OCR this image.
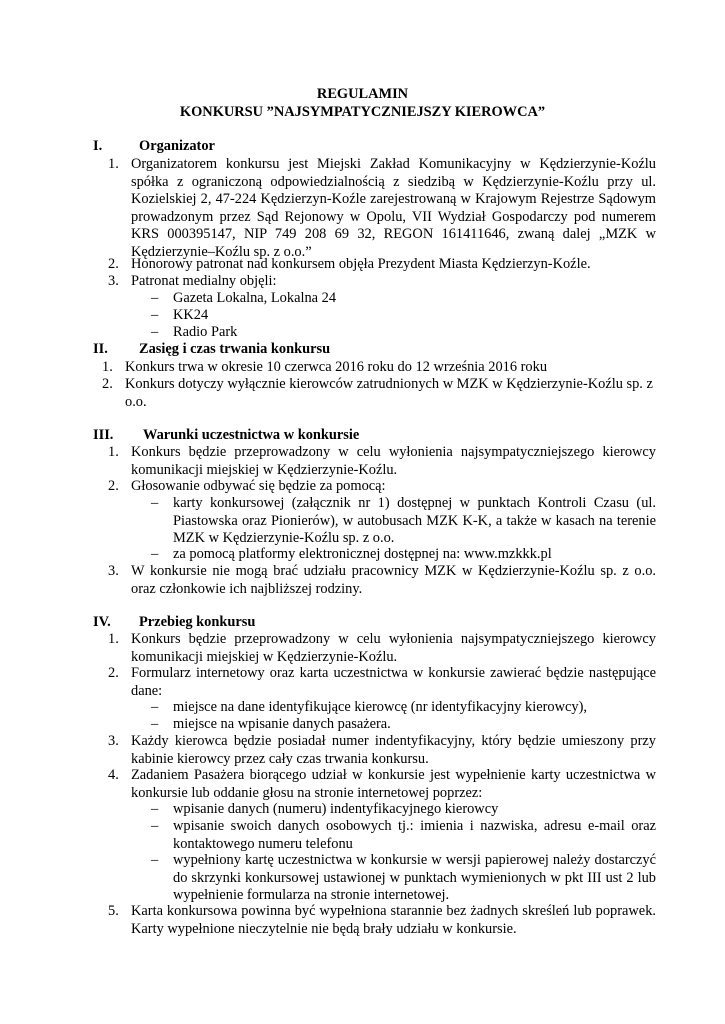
REGULAMIN
KONKURSU ”NAJSYMPATYCZNIEJSZY KIEROWCA”
I.	Organizator
1. Organizatorem konkursu jest Miejski Zakład Komunikacyjny w Kędzierzynie-Koźlu spółka z ograniczoną odpowiedzialnością z siedzibą w Kędzierzynie-Koźlu przy ul. Kozielskiej 2, 47-224 Kędzierzyn-Koźle zarejestrowaną w Krajowym Rejestrze Sądowym prowadzonym przez Sąd Rejonowy w Opolu, VII Wydział Gospodarczy pod numerem KRS 000395147, NIP 749 208 69 32, REGON 161411646, zwaną dalej „MZK w Kędzierzynie–Koźlu sp. z o.o.”
2. Honorowy patronat nad konkursem objęła Prezydent Miasta Kędzierzyn-Koźle.
3. Patronat medialny objęli:
– Gazeta Lokalna, Lokalna 24
– KK24
– Radio Park
II. Zasięg i czas trwania konkursu
1. Konkurs trwa w okresie 10 czerwca 2016 roku do 12 września 2016 roku
2. Konkurs dotyczy wyłącznie kierowców zatrudnionych w MZK w Kędzierzynie-Koźlu sp. z o.o.
III. Warunki uczestnictwa w konkursie
1. Konkurs będzie przeprowadzony w celu wyłonienia najsympatyczniejszego kierowcy komunikacji miejskiej w Kędzierzynie-Koźlu.
2. Głosowanie odbywać się będzie za pomocą:
– karty konkursowej (załącznik nr 1) dostępnej w punktach Kontroli Czasu (ul. Piastowska oraz Pionierów), w autobusach MZK K-K, a także w kasach na terenie MZK w Kędzierzynie-Koźlu sp. z o.o.
– za pomocą platformy elektronicznej dostępnej na: www.mzkkk.pl
3. W konkursie nie mogą brać udziału pracownicy MZK w Kędzierzynie-Koźlu sp. z o.o. oraz członkowie ich najbliższej rodziny.
IV. Przebieg konkursu
1. Konkurs będzie przeprowadzony w celu wyłonienia najsympatyczniejszego kierowcy komunikacji miejskiej w Kędzierzynie-Koźlu.
2. Formularz internetowy oraz karta uczestnictwa w konkursie zawierać będzie następujące dane:
– miejsce na dane identyfikujące kierowcę (nr identyfikacyjny kierowcy),
– miejsce na wpisanie danych pasażera.
3. Każdy kierowca będzie posiadał numer indentyfikacyjny, który będzie umieszony przy kabinie kierowcy przez cały czas trwania konkursu.
4. Zadaniem Pasażera biorącego udział w konkursie jest wypełnienie karty uczestnictwa w konkursie lub oddanie głosu na stronie internetowej poprzez:
– wpisanie danych (numeru) indentyfikacyjnego kierowcy
– wpisanie swoich danych osobowych tj.: imienia i nazwiska, adresu e-mail oraz kontaktowego numeru telefonu
– wypełniony kartę uczestnictwa w konkursie w wersji papierowej należy dostarczyć do skrzynki konkursowej ustawionej w punktach wymienionych w pkt III ust 2 lub wypełnienie formularza na stronie internetowej.
5. Karta konkursowa powinna być wypełniona starannie bez żadnych skreśleń lub poprawek. Karty wypełnione nieczytelnie nie będą brały udziału w konkursie.
